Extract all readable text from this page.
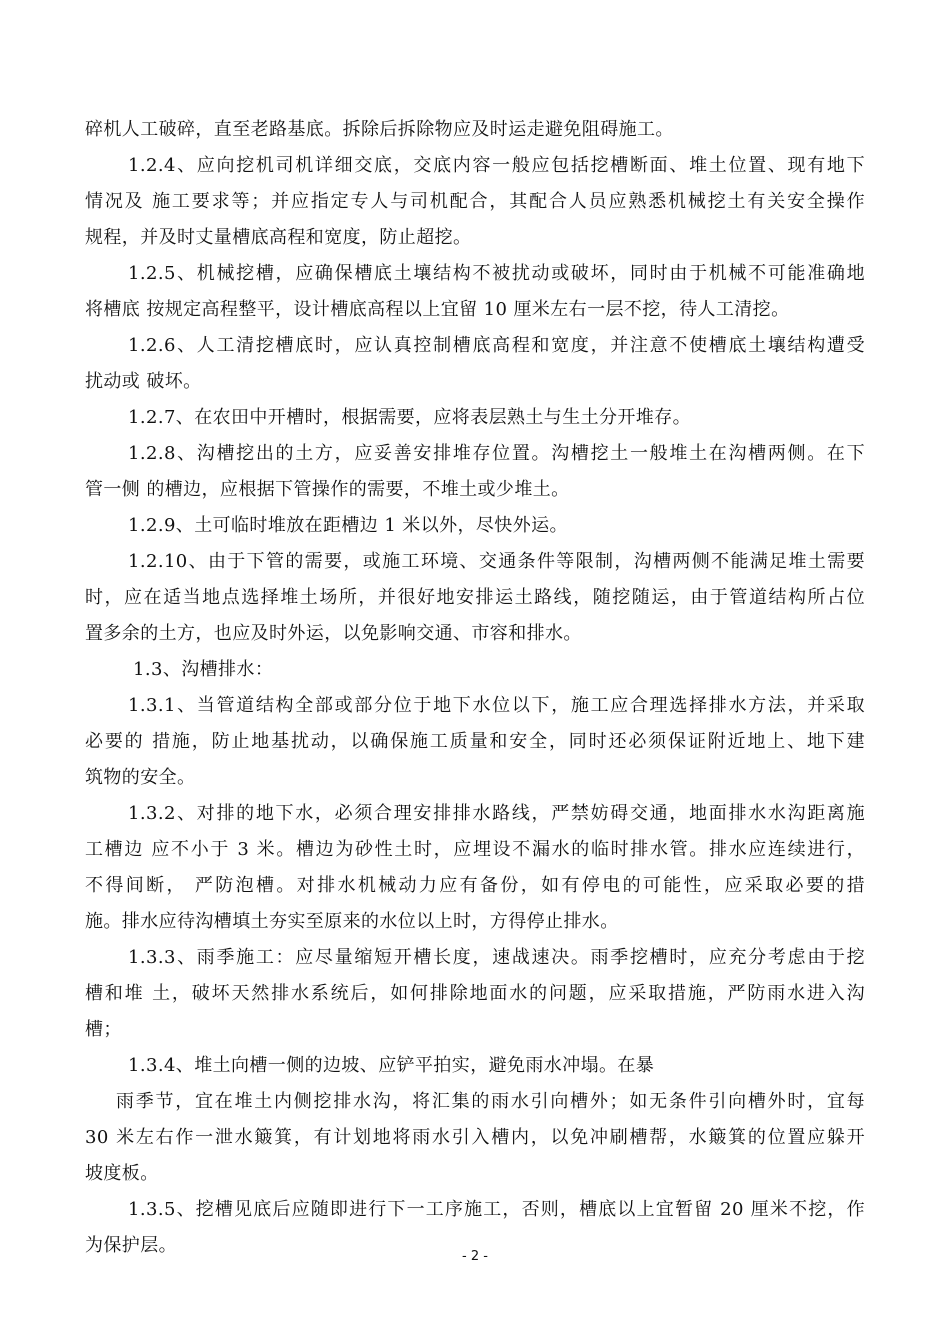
碎机人工破碎，直至老路基底。拆除后拆除物应及时运走避免阻碍施工。
1.2.4、应向挖机司机详细交底，交底内容一般应包括挖槽断面、堆土位置、现有地下
情况及 施工要求等；并应指定专人与司机配合，其配合人员应熟悉机械挖土有关安全操作
规程，并及时丈量槽底高程和宽度，防止超挖。
1.2.5、机械挖槽，应确保槽底土壤结构不被扰动或破坏，同时由于机械不可能准确地
将槽底 按规定高程整平，设计槽底高程以上宜留 10 厘米左右一层不挖，待人工清挖。
1.2.6、人工清挖槽底时，应认真控制槽底高程和宽度，并注意不使槽底土壤结构遭受
扰动或 破坏。
1.2.7、在农田中开槽时，根据需要，应将表层熟土与生土分开堆存。
1.2.8、沟槽挖出的土方，应妥善安排堆存位置。沟槽挖土一般堆土在沟槽两侧。在下
管一侧 的槽边，应根据下管操作的需要，不堆土或少堆土。
1.2.9、土可临时堆放在距槽边 1 米以外，尽快外运。
1.2.10、由于下管的需要，或施工环境、交通条件等限制，沟槽两侧不能满足堆土需要
时，应在适当地点选择堆土场所，并很好地安排运土路线，随挖随运，由于管道结构所占位
置多余的土方，也应及时外运，以免影响交通、市容和排水。
1.3、沟槽排水：
1.3.1、当管道结构全部或部分位于地下水位以下，施工应合理选择排水方法，并采取
必要的 措施，防止地基扰动，以确保施工质量和安全，同时还必须保证附近地上、地下建
筑物的安全。
1.3.2、对排的地下水，必须合理安排排水路线，严禁妨碍交通，地面排水水沟距离施
工槽边 应不小于 3 米。槽边为砂性土时，应埋设不漏水的临时排水管。排水应连续进行，
不得间断， 严防泡槽。对排水机械动力应有备份，如有停电的可能性，应采取必要的措
施。排水应待沟槽填土夯实至原来的水位以上时，方得停止排水。
1.3.3、雨季施工：应尽量缩短开槽长度，速战速决。雨季挖槽时，应充分考虑由于挖
槽和堆 土，破坏天然排水系统后，如何排除地面水的问题，应采取措施，严防雨水进入沟
槽；
1.3.4、堆土向槽一侧的边坡、应铲平拍实，避免雨水冲塌。在暴
雨季节，宜在堆土内侧挖排水沟，将汇集的雨水引向槽外；如无条件引向槽外时，宜每
30 米左右作一泄水簸箕，有计划地将雨水引入槽内，以免冲刷槽帮，水簸箕的位置应躲开
坡度板。
1.3.5、挖槽见底后应随即进行下一工序施工，否则，槽底以上宜暂留 20 厘米不挖，作
为保护层。
- 2 -
